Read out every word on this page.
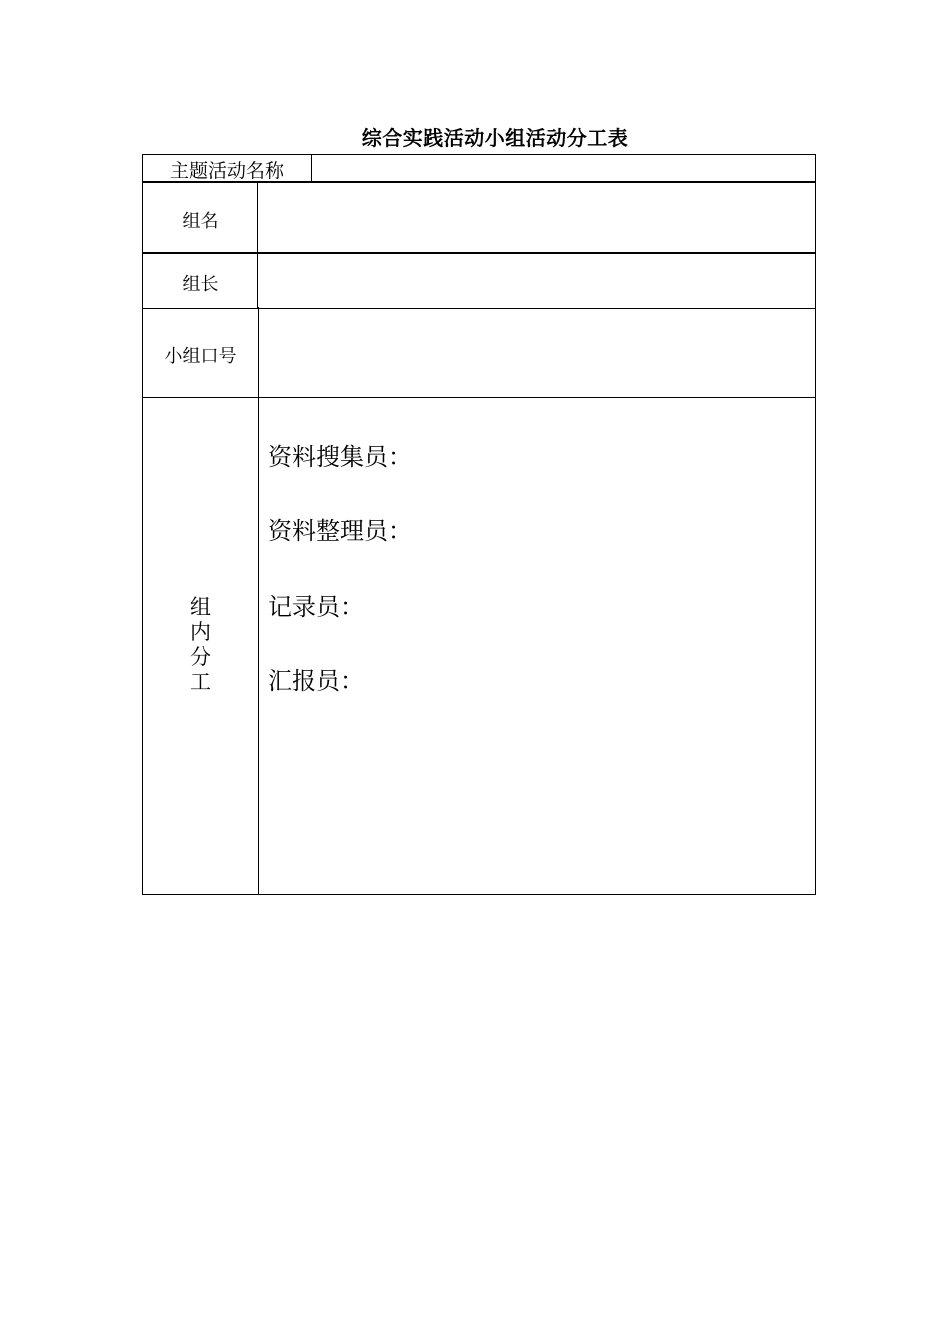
综合实践活动小组活动分工表
主题活动名称
组名
组长
小组口号
组
内
分
工
资料搜集员：
资料整理员：
记录员：
汇报员：
